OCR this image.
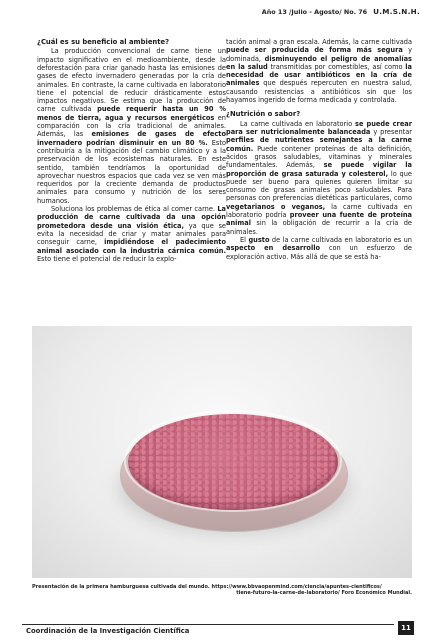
Año 13 /Julio - Agosto/ No. 76 U.M.S.N.H.
¿Cuál es su beneficio al ambiente?

La producción convencional de carne tiene un impacto significativo en el medioambiente, desde la deforestación para criar ganado hasta las emisiones de gases de efecto invernadero generadas por la cría de animales. En contraste, la carne cultivada en laboratorio tiene el potencial de reducir drásticamente estos impactos negativos. Se estima que la producción de carne cultivada puede requerir hasta un 90 % menos de tierra, agua y recursos energéticos en comparación con la cría tradicional de animales. Además, las emisiones de gases de efecto invernadero podrían disminuir en un 80 %. Esto contribuiría a la mitigación del cambio climático y a la preservación de los ecosistemas naturales. En este sentido, también tendríamos la oportunidad de aprovechar nuestros espacios que cada vez se ven más requeridos por la creciente demanda de productos animales para consumo y nutrición de los seres humanos.

Soluciona los problemas de ética al comer carne. La producción de carne cultivada da una opción prometedora desde una visión ética, ya que se evita la necesidad de criar y matar animales para conseguir carne, impidiéndose el padecimiento animal asociado con la industria cárnica común. Esto tiene el potencial de reducir la explo-

tación animal a gran escala. Además, la carne cultivada puede ser producida de forma más segura y dominada, disminuyendo el peligro de anomalías en la salud transmitidas por comestibles, así como la necesidad de usar antibióticos en la cría de animales que después repercuten en nuestra salud, causando resistencias a antibióticos sin que los hayamos ingerido de forma medicada y controlada.

¿Nutrición o sabor?

La carne cultivada en laboratorio se puede crear para ser nutricionalmente balanceada y presentar perfiles de nutrientes semejantes a la carne común. Puede contener proteínas de alta definición, ácidos grasos saludables, vitaminas y minerales fundamentales. Además, se puede vigilar la proporción de grasa saturada y colesterol, lo que puede ser bueno para quienes quieren limitar su consumo de grasas animales poco saludables. Para personas con preferencias dietéticas particulares, como vegetarianos o veganos, la carne cultivada en laboratorio podría proveer una fuente de proteína animal sin la obligación de recurrir a la cría de animales.

El gusto de la carne cultivada en laboratorio es un aspecto en desarrollo con un esfuerzo de exploración activo. Más allá de que se está ha-

Presentación de la primera hamburguesa cultivada del mundo. https://www.bbvaopenmind.com/ciencia/apuntes-cientificos/
tiene-futuro-la-carne-de-laboratorio/ Foro Económico Mundial.
Coordinación de la Investigación Científica	11
